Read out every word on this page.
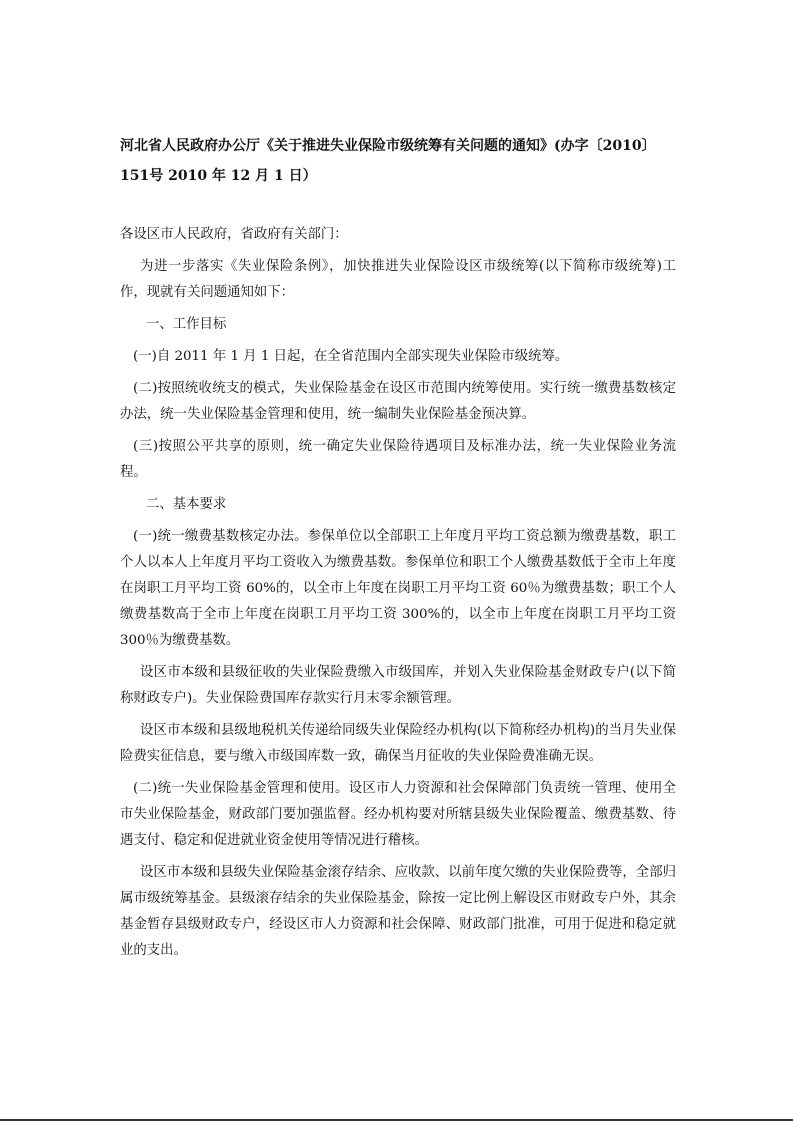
河北省人民政府办公厅《关于推进失业保险市级统筹有关问题的通知》(办字〔2010〕151号 2010 年 12 月 1 日）

各设区市人民政府，省政府有关部门：

为进一步落实《失业保险条例》，加快推进失业保险设区市级统筹(以下简称市级统筹)工作，现就有关问题通知如下：

一、工作目标

(一)自 2011 年 1 月 1 日起，在全省范围内全部实现失业保险市级统筹。

(二)按照统收统支的模式，失业保险基金在设区市范围内统筹使用。实行统一缴费基数核定办法，统一失业保险基金管理和使用，统一编制失业保险基金预决算。

(三)按照公平共享的原则，统一确定失业保险待遇项目及标准办法，统一失业保险业务流程。

二、基本要求

(一)统一缴费基数核定办法。参保单位以全部职工上年度月平均工资总额为缴费基数，职工个人以本人上年度月平均工资收入为缴费基数。参保单位和职工个人缴费基数低于全市上年度在岗职工月平均工资 60%的，以全市上年度在岗职工月平均工资 60％为缴费基数；职工个人缴费基数高于全市上年度在岗职工月平均工资 300%的，以全市上年度在岗职工月平均工资 300％为缴费基数。

设区市本级和县级征收的失业保险费缴入市级国库，并划入失业保险基金财政专户(以下简称财政专户)。失业保险费国库存款实行月末零余额管理。

设区市本级和县级地税机关传递给同级失业保险经办机构(以下简称经办机构)的当月失业保险费实征信息，要与缴入市级国库数一致，确保当月征收的失业保险费准确无误。

(二)统一失业保险基金管理和使用。设区市人力资源和社会保障部门负责统一管理、使用全市失业保险基金，财政部门要加强监督。经办机构要对所辖县级失业保险覆盖、缴费基数、待遇支付、稳定和促进就业资金使用等情况进行稽核。

设区市本级和县级失业保险基金滚存结余、应收款、以前年度欠缴的失业保险费等，全部归属市级统筹基金。县级滚存结余的失业保险基金，除按一定比例上解设区市财政专户外，其余基金暂存县级财政专户，经设区市人力资源和社会保障、财政部门批准，可用于促进和稳定就业的支出。
